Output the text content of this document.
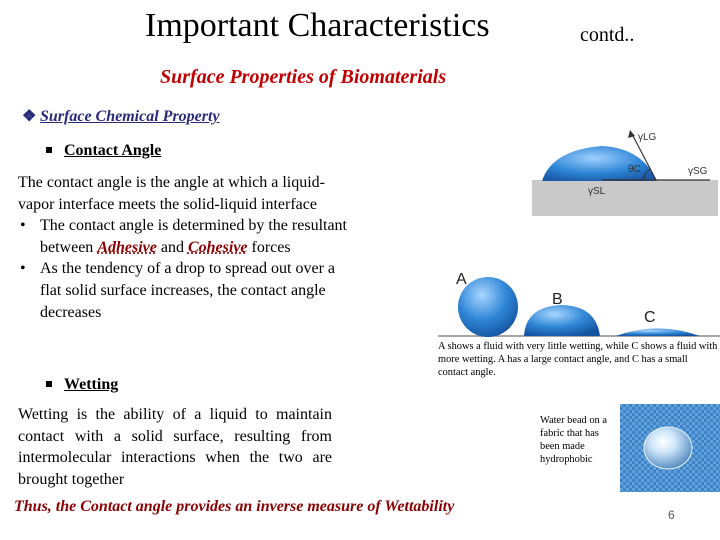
Important Characteristics	contd..
Surface Properties of Biomaterials
❖ Surface Chemical Property
Contact Angle
The contact angle is the angle at which a liquid-vapor interface meets the solid-liquid interface
• The contact angle is determined by the resultant between Adhesive and Cohesive forces
• As the tendency of a drop to spread out over a flat solid surface increases, the contact angle decreases
Wetting
Wetting is the ability of a liquid to maintain contact with a solid surface, resulting from intermolecular interactions when the two are brought together
Thus, the Contact angle provides an inverse measure of Wettability
γLG
θC	γSG
γSL
A
B
C
A shows a fluid with very little wetting, while C shows a fluid with more wetting. A has a large contact angle, and C has a small contact angle.
Water bead on a fabric that has been made hydrophobic
6
